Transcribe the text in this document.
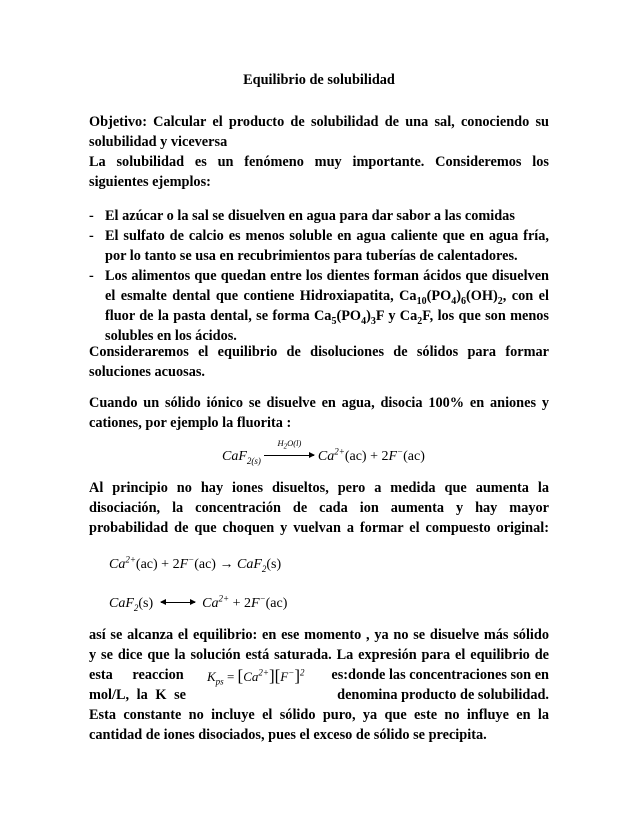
Equilibrio de solubilidad
Objetivo: Calcular el producto de solubilidad de una sal, conociendo su
solubilidad y viceversa
La solubilidad es un fenómeno muy importante. Consideremos los
siguientes ejemplos:
- El azúcar o la sal se disuelven en agua para dar sabor a las comidas
- El sulfato de calcio es menos soluble en agua caliente que en agua fría, por lo tanto se usa en recubrimientos para tuberías de calentadores.
- Los alimentos que quedan entre los dientes forman ácidos que disuelven el esmalte dental que contiene Hidroxiapatita, $Ca_{10}(PO_4)_6(OH)_2$, con el fluor de la pasta dental, se forma $Ca_5(PO_4)_3F$ y $Ca_2F$, los que son menos solubles en los ácidos.
Consideraremos el equilibrio de disoluciones de sólidos para formar
soluciones acuosas.
Cuando un sólido iónico se disuelve en agua, disocia 100% en aniones y
cationes, por ejemplo la fluorita :
CaF$_{2(s)}$
$H_2O(l)$
$Ca^{2+}(ac) + 2F^-(ac)$
Al principio no hay iones disueltos, pero a medida que aumenta la
disociación, la concentración de cada ion aumenta y hay mayor
probabilidad de que choquen y vuelvan a formar el compuesto original:
$Ca^{2+}(ac) + 2F^-(ac) \to CaF_2(s)$
CaF$_2$(s)	$Ca^{2+} + 2F^-(ac)$
así se alcanza el equilibrio: en ese momento , ya no se disuelve más sólido
y se dice que la solución está saturada. La expresión para el equilibrio de
esta reaccion	es:donde las concentraciones son en
mol/L, la K se	denomina producto de solubilidad.
Esta constante no incluye el sólido puro, ya que este no influye en la
cantidad de iones disociados, pues el exceso de sólido se precipita.
$K_{ps} = [Ca^{2+}][F^-]^2$
